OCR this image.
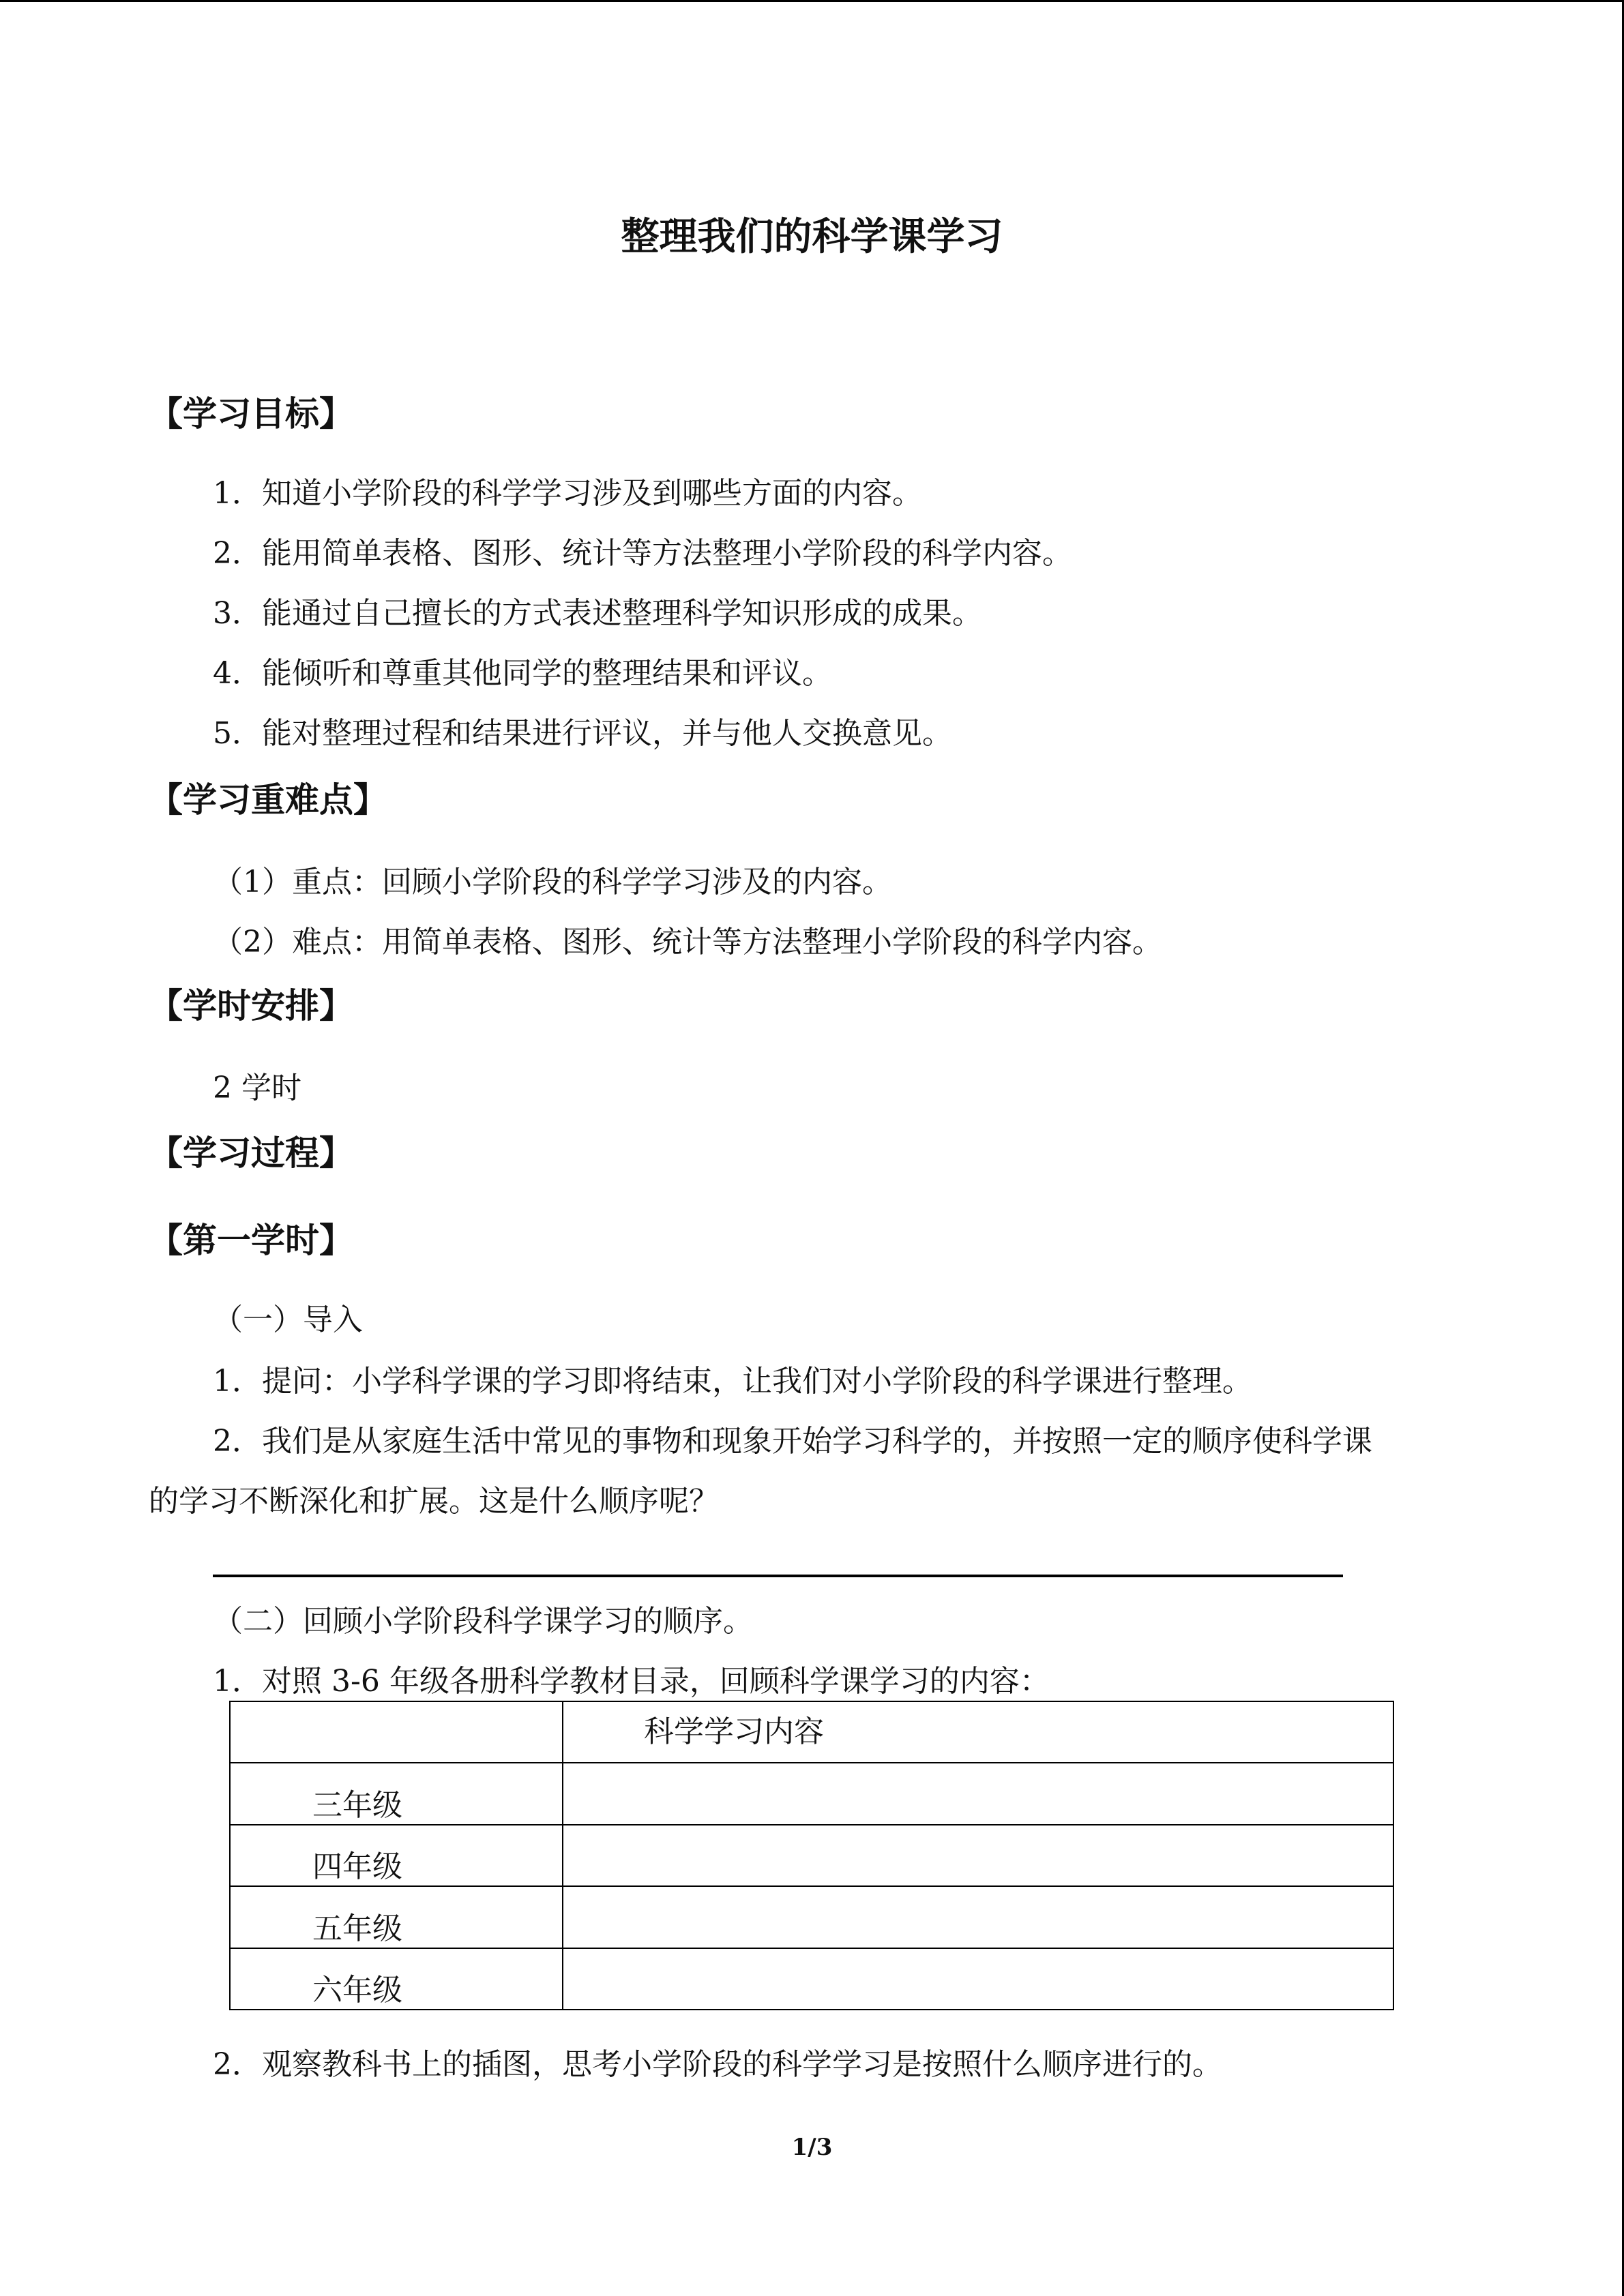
整理我们的科学课学习
【学习目标】
1．知道小学阶段的科学学习涉及到哪些方面的内容。
2．能用简单表格、图形、统计等方法整理小学阶段的科学内容。
3．能通过自己擅长的方式表述整理科学知识形成的成果。
4．能倾听和尊重其他同学的整理结果和评议。
5．能对整理过程和结果进行评议，并与他人交换意见。
【学习重难点】
（1）重点：回顾小学阶段的科学学习涉及的内容。
（2）难点：用简单表格、图形、统计等方法整理小学阶段的科学内容。
【学时安排】
2 学时
【学习过程】
【第一学时】
（一）导入
1．提问：小学科学课的学习即将结束，让我们对小学阶段的科学课进行整理。
2．我们是从家庭生活中常见的事物和现象开始学习科学的，并按照一定的顺序使科学课
的学习不断深化和扩展。这是什么顺序呢？
（二）回顾小学阶段科学课学习的顺序。
1．对照 3-6 年级各册科学教材目录，回顾科学课学习的内容：
	科学学习内容
三年级	
四年级	
五年级	
六年级	
2．观察教科书上的插图，思考小学阶段的科学学习是按照什么顺序进行的。
1/3
